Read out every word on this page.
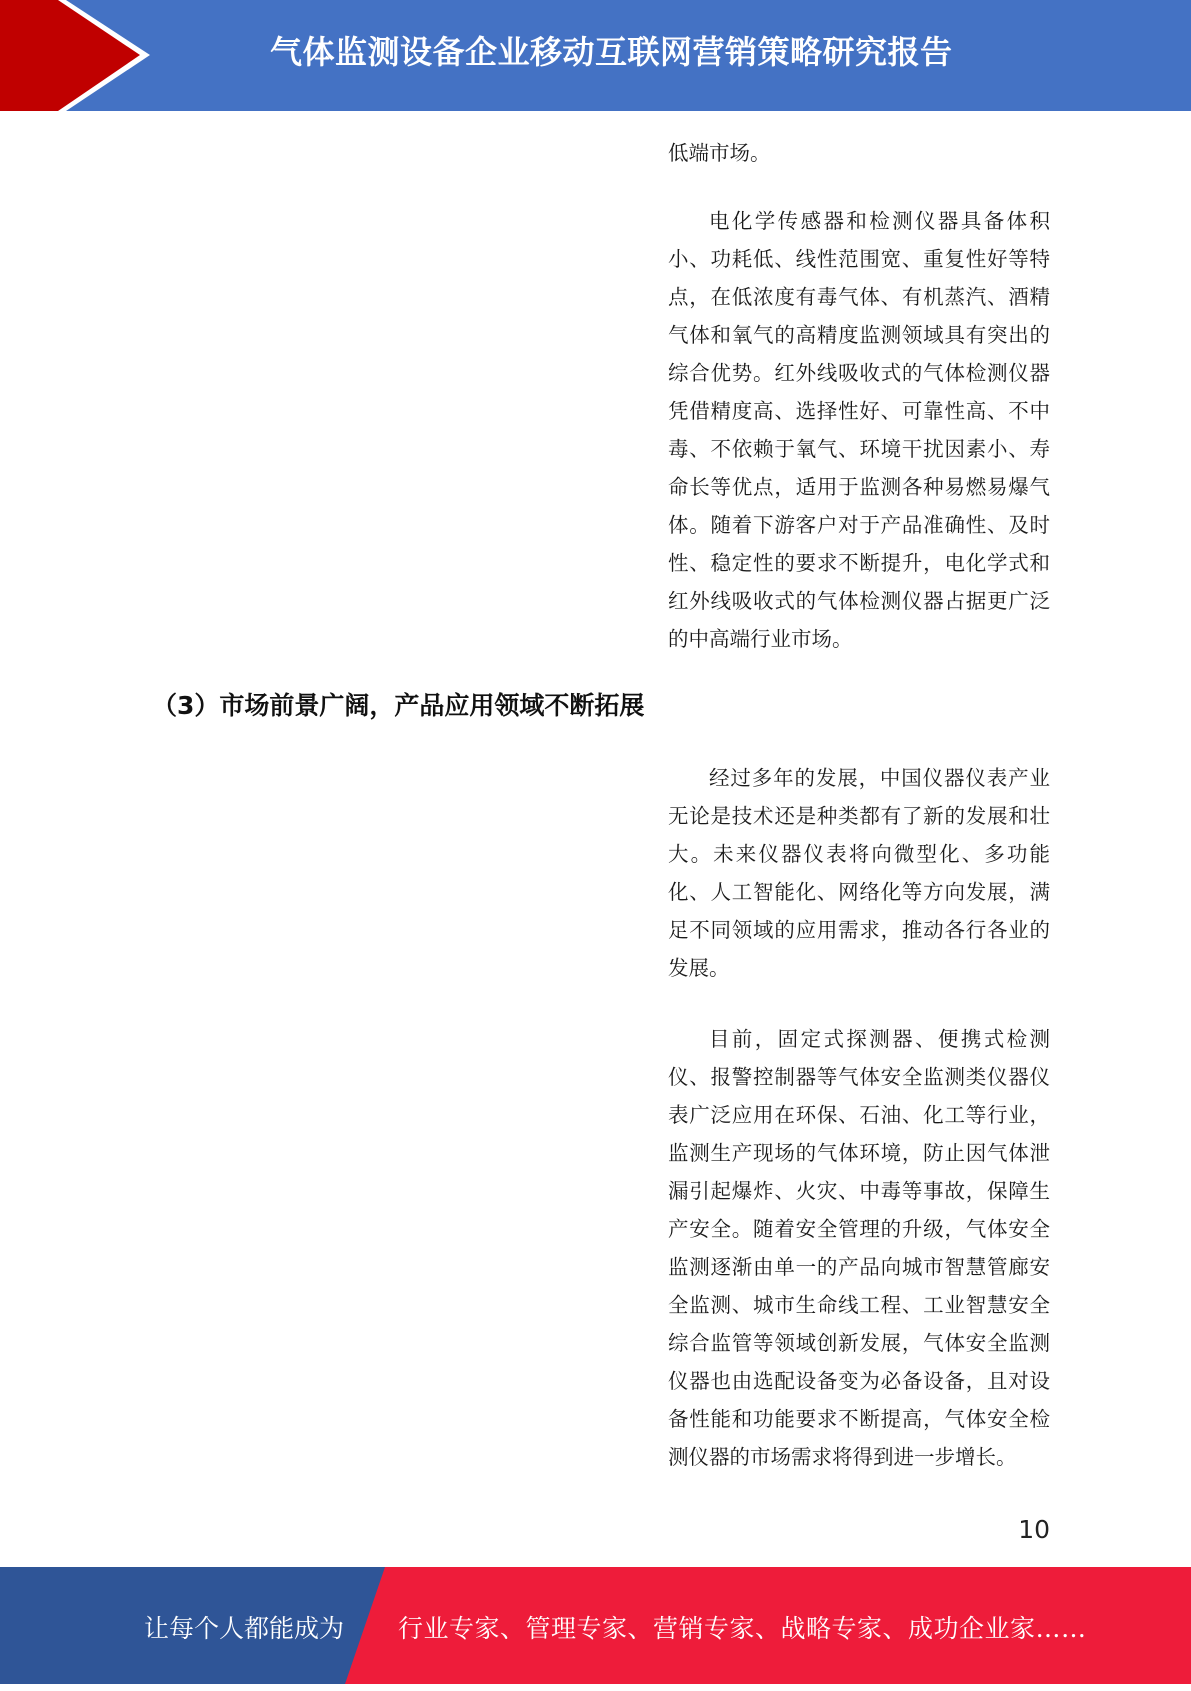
气体监测设备企业移动互联网营销策略研究报告

低端市场。

电化学传感器和检测仪器具备体积小、功耗低、线性范围宽、重复性好等特点，在低浓度有毒气体、有机蒸汽、酒精气体和氧气的高精度监测领域具有突出的综合优势。红外线吸收式的气体检测仪器凭借精度高、选择性好、可靠性高、不中毒、不依赖于氧气、环境干扰因素小、寿命长等优点，适用于监测各种易燃易爆气体。随着下游客户对于产品准确性、及时性、稳定性的要求不断提升，电化学式和红外线吸收式的气体检测仪器占据更广泛的中高端行业市场。

（3）市场前景广阔，产品应用领域不断拓展

经过多年的发展，中国仪器仪表产业无论是技术还是种类都有了新的发展和壮大。未来仪器仪表将向微型化、多功能化、人工智能化、网络化等方向发展，满足不同领域的应用需求，推动各行各业的发展。

目前，固定式探测器、便携式检测仪、报警控制器等气体安全监测类仪器仪表广泛应用在环保、石油、化工等行业，监测生产现场的气体环境，防止因气体泄漏引起爆炸、火灾、中毒等事故，保障生产安全。随着安全管理的升级，气体安全监测逐渐由单一的产品向城市智慧管廊安全监测、城市生命线工程、工业智慧安全综合监管等领域创新发展，气体安全监测仪器也由选配设备变为必备设备，且对设备性能和功能要求不断提高，气体安全检测仪器的市场需求将得到进一步增长。

10
让每个人都能成为 行业专家、管理专家、营销专家、战略专家、成功企业家……
